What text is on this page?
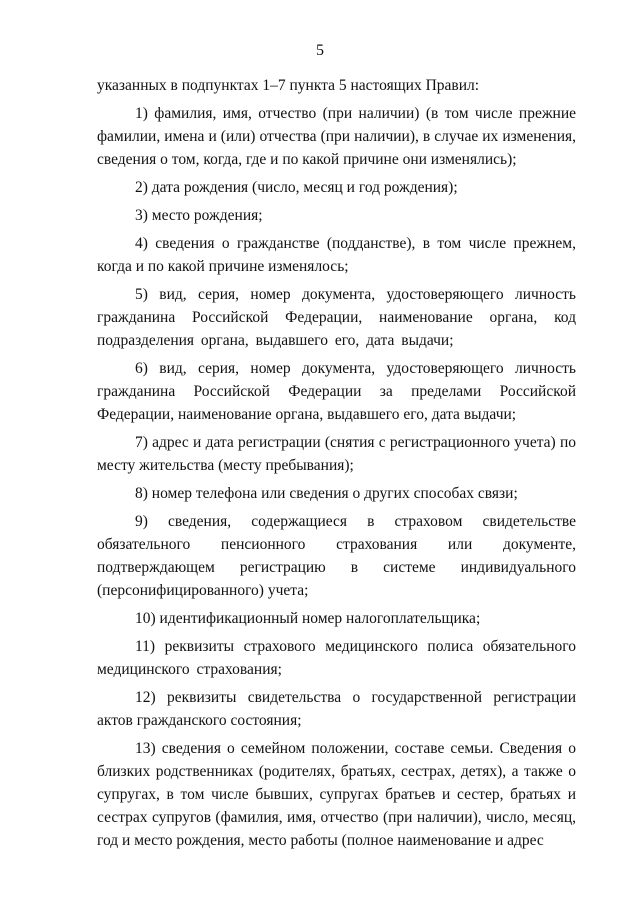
5

указанных в подпунктах 1–7 пункта 5 настоящих Правил:

1) фамилия, имя, отчество (при наличии) (в том числе прежние фамилии, имена и (или) отчества (при наличии), в случае их изменения, сведения о том, когда, где и по какой причине они изменялись);

2) дата рождения (число, месяц и год рождения);

3) место рождения;

4) сведения о гражданстве (подданстве), в том числе прежнем, когда и по какой причине изменялось;

5) вид, серия, номер документа, удостоверяющего личность гражданина Российской Федерации, наименование органа, код подразделения органа, выдавшего его, дата выдачи;

6) вид, серия, номер документа, удостоверяющего личность гражданина Российской Федерации за пределами Российской Федерации, наименование органа, выдавшего его, дата выдачи;

7) адрес и дата регистрации (снятия с регистрационного учета) по месту жительства (месту пребывания);

8) номер телефона или сведения о других способах связи;

9) сведения, содержащиеся в страховом свидетельстве обязательного пенсионного страхования или документе, подтверждающем регистрацию в системе индивидуального (персонифицированного) учета;

10) идентификационный номер налогоплательщика;

11) реквизиты страхового медицинского полиса обязательного медицинского страхования;

12) реквизиты свидетельства о государственной регистрации актов гражданского состояния;

13) сведения о семейном положении, составе семьи. Сведения о близких родственниках (родителях, братьях, сестрах, детях), а также о супругах, в том числе бывших, супругах братьев и сестер, братьях и сестрах супругов (фамилия, имя, отчество (при наличии), число, месяц, год и место рождения, место работы (полное наименование и адрес
